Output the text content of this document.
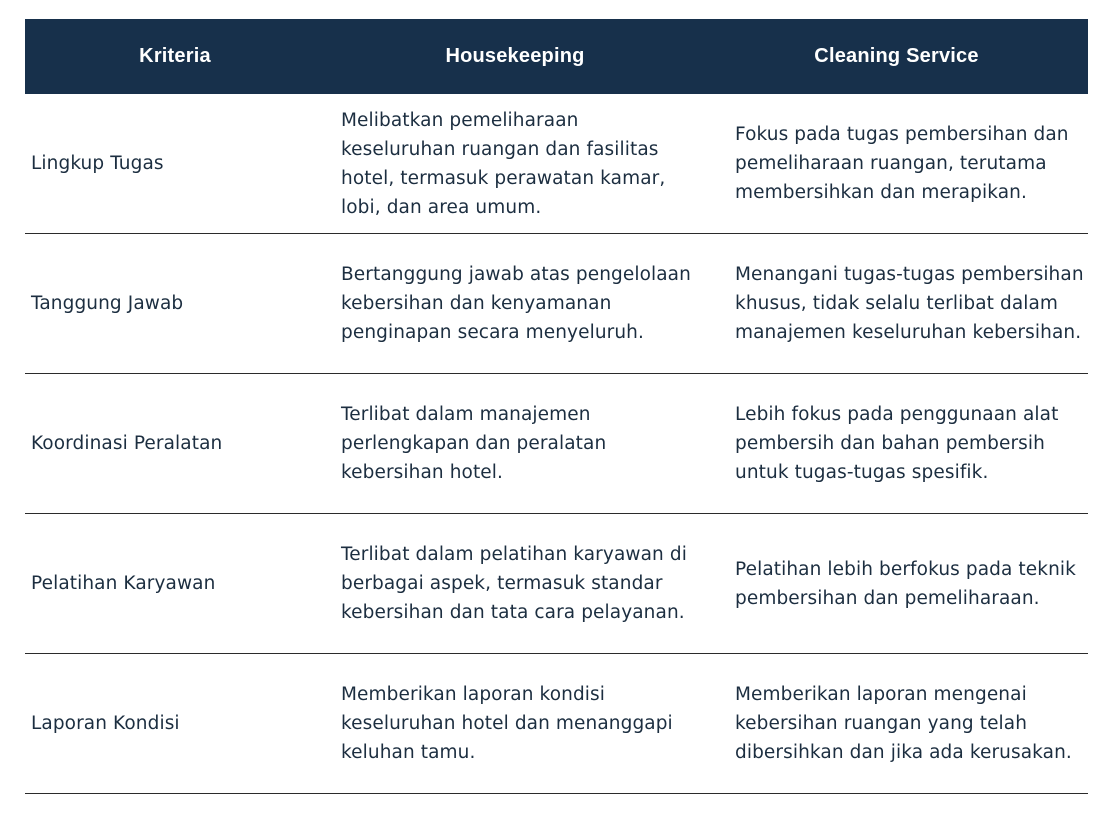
Kriteria	Housekeeping	Cleaning Service
Lingkup Tugas
Melibatkan pemeliharaan keseluruhan ruangan dan fasilitas hotel, termasuk perawatan kamar, lobi, dan area umum.
Fokus pada tugas pembersihan dan pemeliharaan ruangan, terutama membersihkan dan merapikan.
Tanggung Jawab
Bertanggung jawab atas pengelolaan kebersihan dan kenyamanan penginapan secara menyeluruh.
Menangani tugas-tugas pembersihan khusus, tidak selalu terlibat dalam manajemen keseluruhan kebersihan.
Koordinasi Peralatan
Terlibat dalam manajemen perlengkapan dan peralatan kebersihan hotel.
Lebih fokus pada penggunaan alat pembersih dan bahan pembersih untuk tugas-tugas spesifik.
Pelatihan Karyawan
Terlibat dalam pelatihan karyawan di berbagai aspek, termasuk standar kebersihan dan tata cara pelayanan.
Pelatihan lebih berfokus pada teknik pembersihan dan pemeliharaan.
Laporan Kondisi
Memberikan laporan kondisi keseluruhan hotel dan menanggapi keluhan tamu.
Memberikan laporan mengenai kebersihan ruangan yang telah dibersihkan dan jika ada kerusakan.
